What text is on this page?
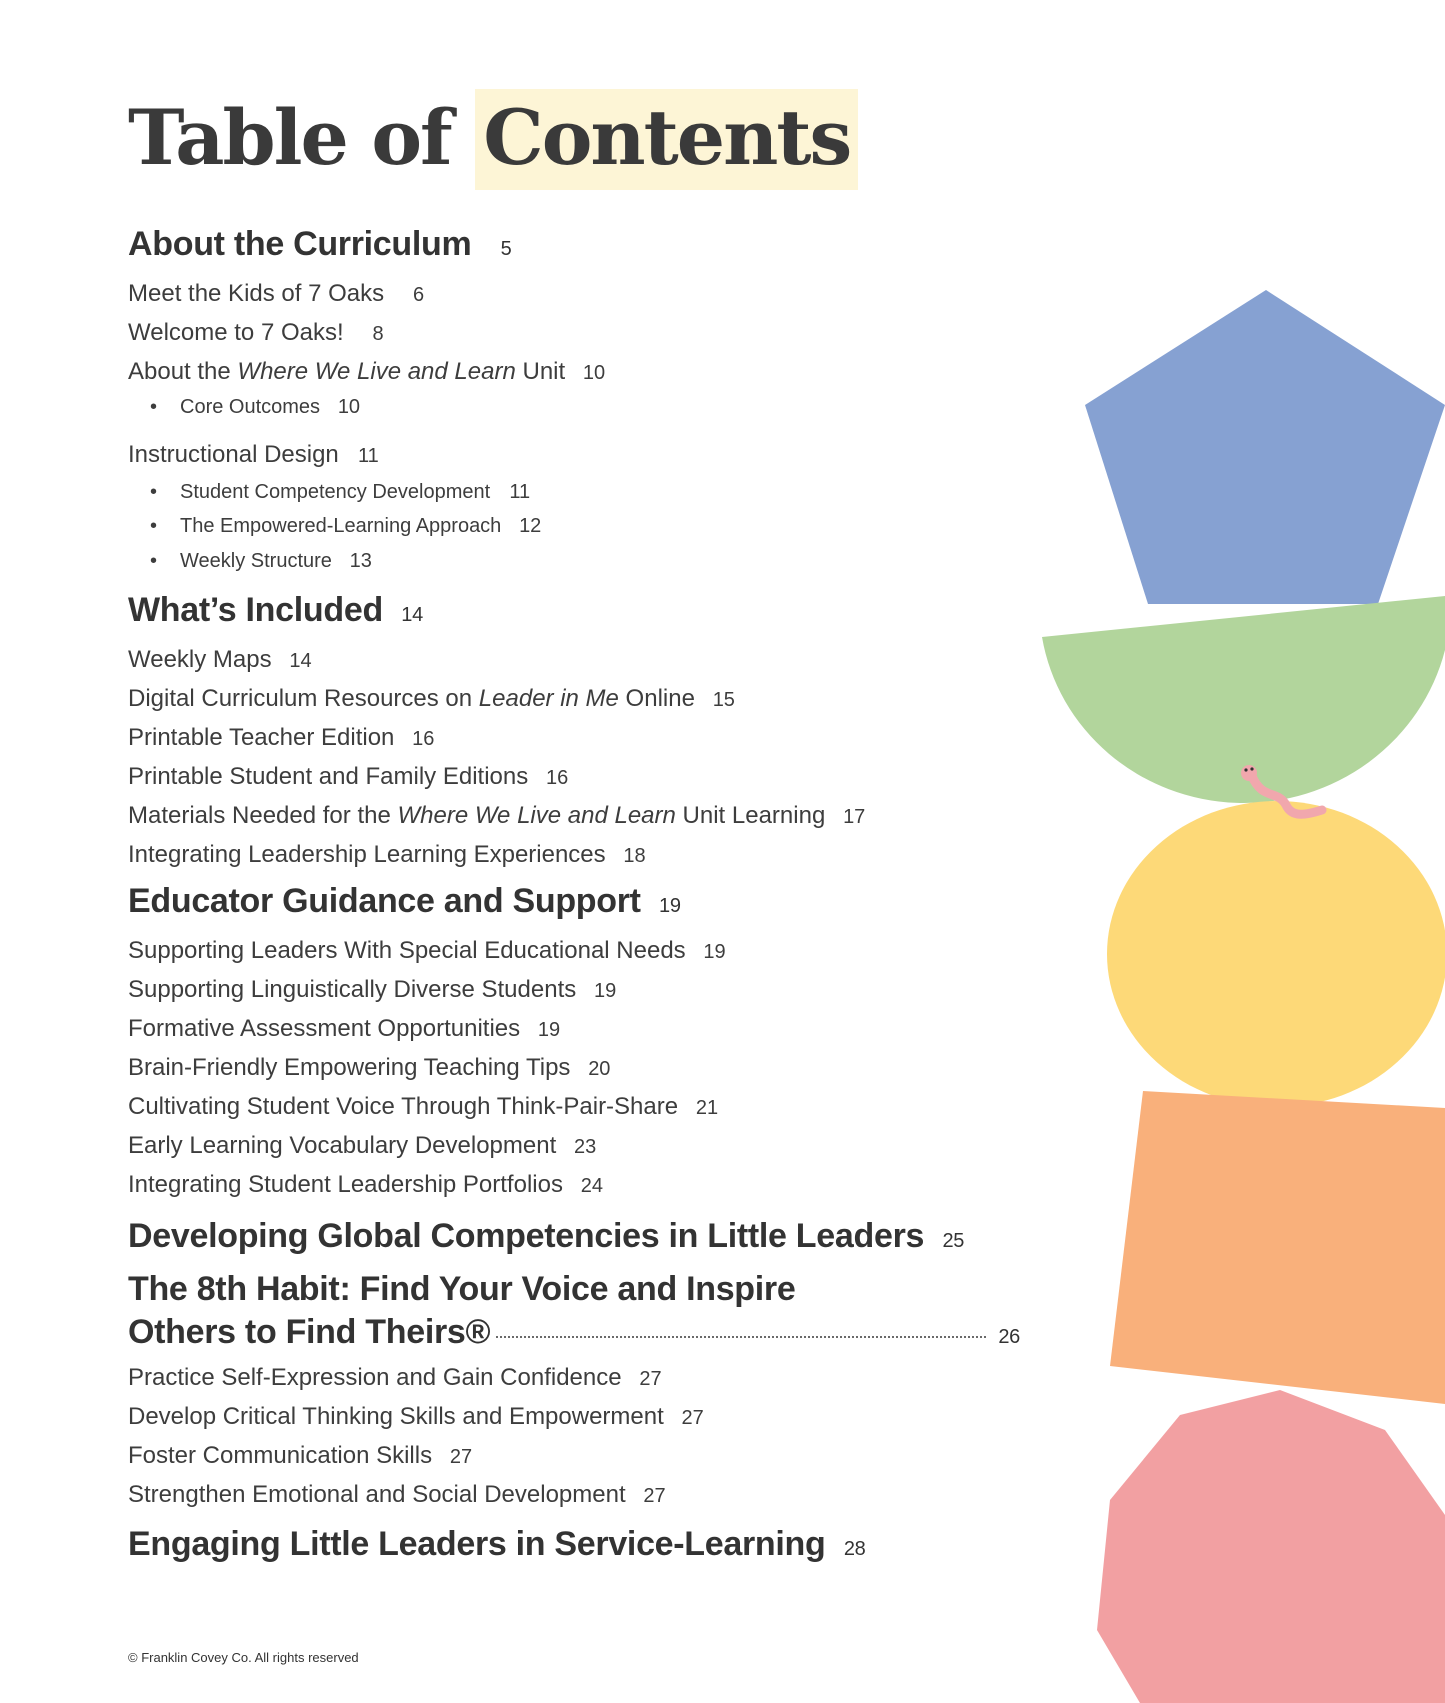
Table of Contents
About the Curriculum	5
Meet the Kids of 7 Oaks	6
Welcome to 7 Oaks!	8
About the Where We Live and Learn Unit 10
• Core Outcomes 10
Instructional Design 11
• Student Competency Development 11
• The Empowered-Learning Approach 12
• Weekly Structure 13
What’s Included 14
Weekly Maps 14
Digital Curriculum Resources on Leader in Me Online 15
Printable Teacher Edition 16
Printable Student and Family Editions 16
Materials Needed for the Where We Live and Learn Unit Learning 17
Integrating Leadership Learning Experiences 18
Educator Guidance and Support 19
Supporting Leaders With Special Educational Needs 19
Supporting Linguistically Diverse Students 19
Formative Assessment Opportunities 19
Brain-Friendly Empowering Teaching Tips 20
Cultivating Student Voice Through Think-Pair-Share 21
Early Learning Vocabulary Development 23
Integrating Student Leadership Portfolios 24
Developing Global Competencies in Little Leaders 25
The 8th Habit: Find Your Voice and Inspire
Others to Find Theirs®	26
Practice Self-Expression and Gain Confidence 27
Develop Critical Thinking Skills and Empowerment 27
Foster Communication Skills 27
Strengthen Emotional and Social Development 27
Engaging Little Leaders in Service-Learning 28
© Franklin Covey Co. All rights reserved
